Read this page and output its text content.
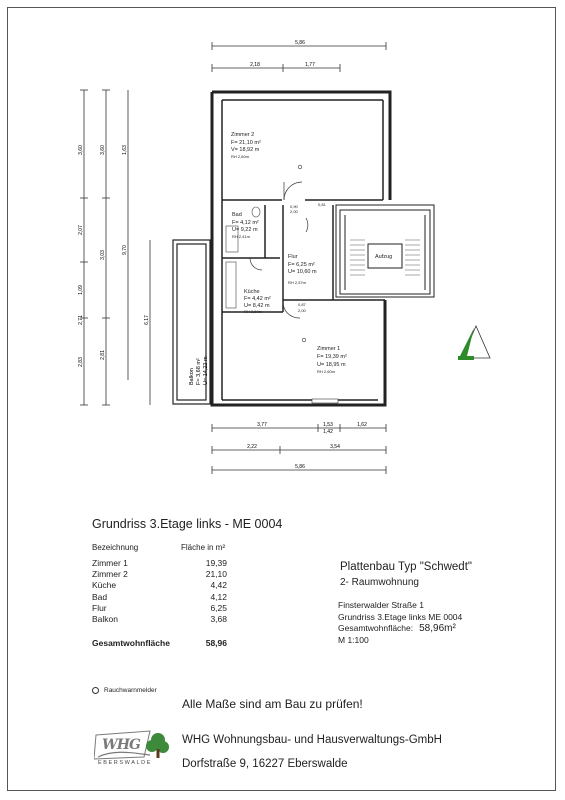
5,86
2,18	1,77
3,60
2,07
1,09
2,71
2,83
3,60
3,03
2,81
1,63
9,70
6,17
Zimmer 2
F= 21,10 m²
V= 18,92 m
RH 2,60m
Bad
F= 4,12 m²
U= 9,22 m
RH 2,41m
Flur
F= 6,25 m²
U= 10,60 m
RH 2,57m
Küche
F= 4,42 m²
U= 8,42 m
RH 2,60m
Zimmer 1
F= 19,39 m²
U= 18,95 m
RH 2,60m
Aufzug
Balkon F= 3,68 m² U= 14,22 m
0,90	0,81
2,00
0,87
2,00
3,77	1,53
1,42
1,62
2,22	3,54
5,86
Grundriss 3.Etage links - ME 0004
Bezeichnung	Fläche in m²
Zimmer 1	19,39
Zimmer 2	21,10
Küche	4,42
Bad	4,12
Flur	6,25
Balkon	3,68
Gesamtwohnfläche	58,96
Plattenbau Typ "Schwedt"
2- Raumwohnung
Finsterwalder Straße 1
Grundriss 3.Etage links ME 0004
Gesamtwohnfläche: 58,96m²
M 1:100
Rauchwarnmelder
Alle Maße sind am Bau zu prüfen!
WHG
EBERSWALDE
WHG Wohnungsbau- und Hausverwaltungs-GmbH
Dorfstraße 9, 16227 Eberswalde
